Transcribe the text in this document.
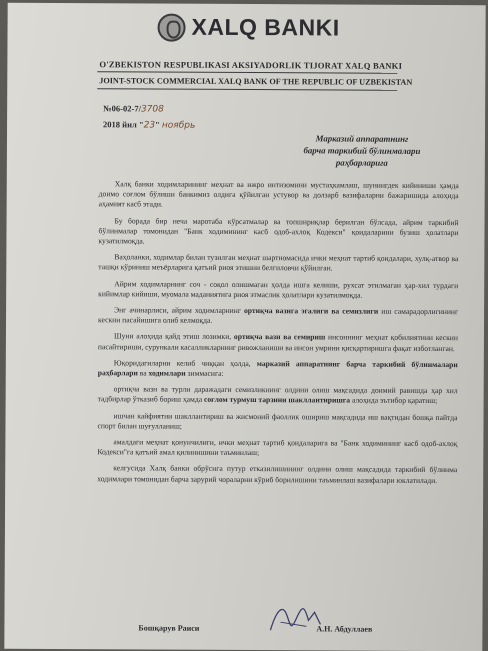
XALQ BANKI
O'ZBEKISTON RESPUBLIKASI AKSIYADORLIK TIJORAT XALQ BANKI
JOINT-STOCK COMMERCIAL XALQ BANK OF THE REPUBLIC OF UZBEKISTAN
№06-02-7/3708
2018 йил "23" ноябрь
Марказий аппаратнинг
барча таркибий бўлинмалари
раҳбарларига

Халқ банки ходимларининг меҳнат ва ижро интизомини мустаҳкамлаш, шунингдек кийиниши ҳамда доимо соғлом бўлиши банкимиз олдига қўйилган устувор ва долзарб вазифаларни бажаришида алоҳида аҳамият касб этади.

Бу борада бир неча маротаба кўрсатмалар ва топшириқлар берилган бўлсада, айрим таркибий бўлинмалар томонидан "Банк ходимининг касб одоб-ахлоқ Кодекси" қоидаларини бузиш ҳолатлари кузатилмоқда.

Ваҳоланки, ходимлар билан тузилган меҳнат шартномасида ички меҳнат тартиб қоидалари, хулқ-атвор ва ташқи кўриниш меъёрларига қатъий риоя этишни белгиловчи қўйилган.

Айрим ходимларнинг соч - соқол олишмаган ҳолда ишга келиши, рухсат этилмаган ҳар-хил турдаги кийимлар кийиши, муомала маданиятига риоя этмаслик ҳолатлари кузатилмоқда.

Энг ачинарлиси, айрим ходимларнинг ортиқча вазнга эгалиги ва семизлиги иш самарадорлигининг кескин пасайишига олиб келмоқда.

Шуни алоҳида қайд этиш лозимки, ортиқча вазн ва семириш инсоннинг меҳнат қобилиятини кескин пасайтириши, сурункали касалликларнинг ривожланиши ва инсон умрини қисқартиришга фақат изботланган.

Юқоридагиларни келиб чиққан ҳолда, марказий аппаратнинг барча таркибий бўлинмалари раҳбарлари ва ходимлари зиммасига:

ортиқча вазн ва турли даражадаги семизликнинг олдини олиш мақсадида доимий равишда ҳар хил тадбирлар ўтказиб бориш ҳамда соғлом турмуш тарзини шакллантиришга алоҳида эътибор қаратиш;

ишчан кайфиятни шакллантириш ва жисмоний фаоллик ошириш мақсадида иш вақтидан бошқа пайтда спорт билан шуғулланиш;

амалдаги меҳнат қонунчилиги, ички меҳнат тартиб қоидаларига ва "Банк ходимининг касб одоб-ахлоқ Кодекси"га қатъий амал қилинишини таъминлаш;

келгусида Халқ банки обрўсига путур етказилишининг олдини олиш мақсадида таркибий бўлинма ходимлари томонидан барча зарурий чораларни кўриб борилишини таъминлаш вазифалари юклатилади.

Бошқарув Раиси	А.Н. Абдуллаев
